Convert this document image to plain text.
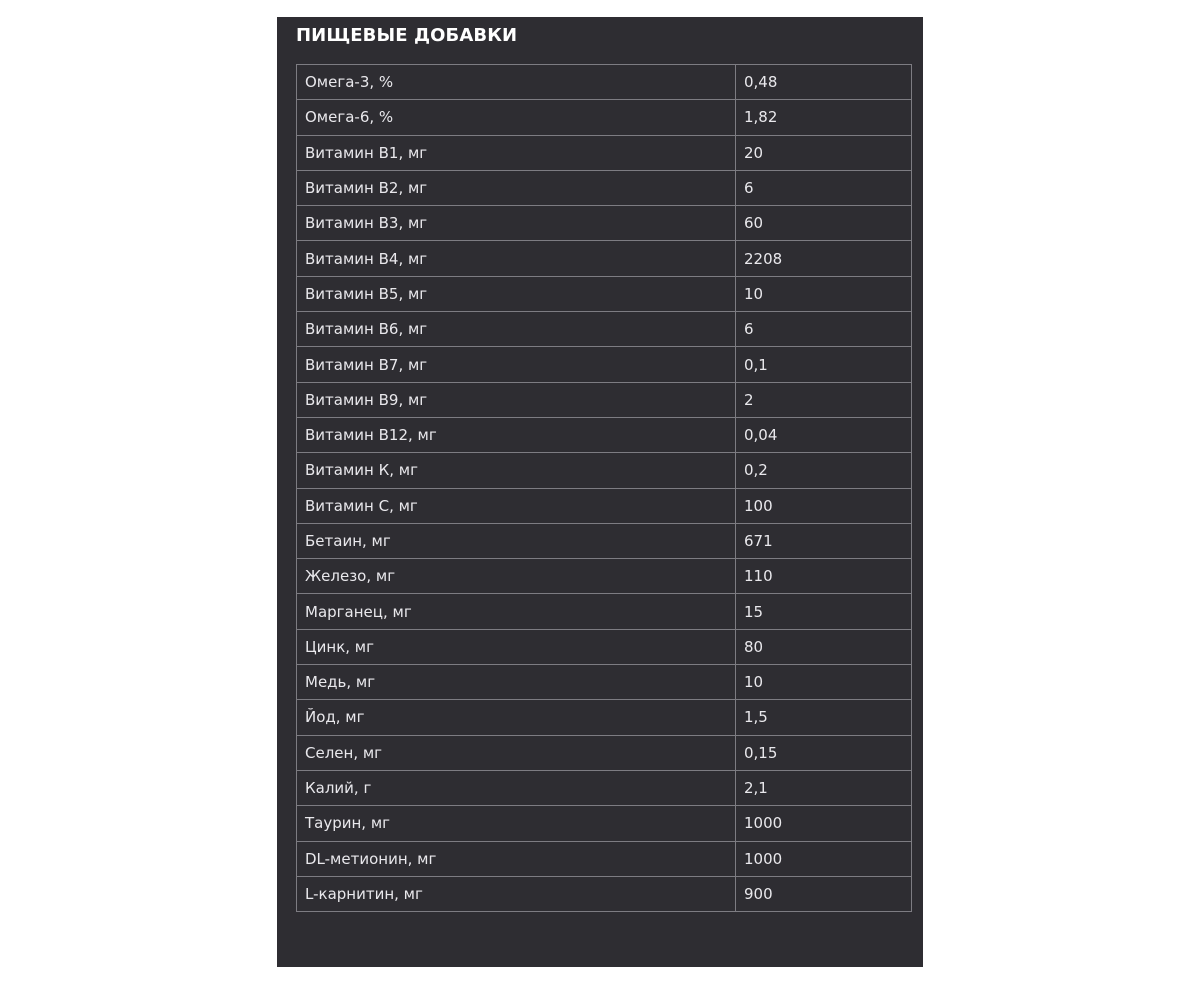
ПИЩЕВЫЕ ДОБАВКИ
Омега-3, %	0,48
Омега-6, %	1,82
Витамин В1, мг	20
Витамин В2, мг	6
Витамин В3, мг	60
Витамин В4, мг	2208
Витамин В5, мг	10
Витамин В6, мг	6
Витамин В7, мг	0,1
Витамин В9, мг	2
Витамин В12, мг	0,04
Витамин К, мг	0,2
Витамин С, мг	100
Бетаин, мг	671
Железо, мг	110
Марганец, мг	15
Цинк, мг	80
Медь, мг	10
Йод, мг	1,5
Селен, мг	0,15
Калий, г	2,1
Таурин, мг	1000
DL-метионин, мг	1000
L-карнитин, мг	900
